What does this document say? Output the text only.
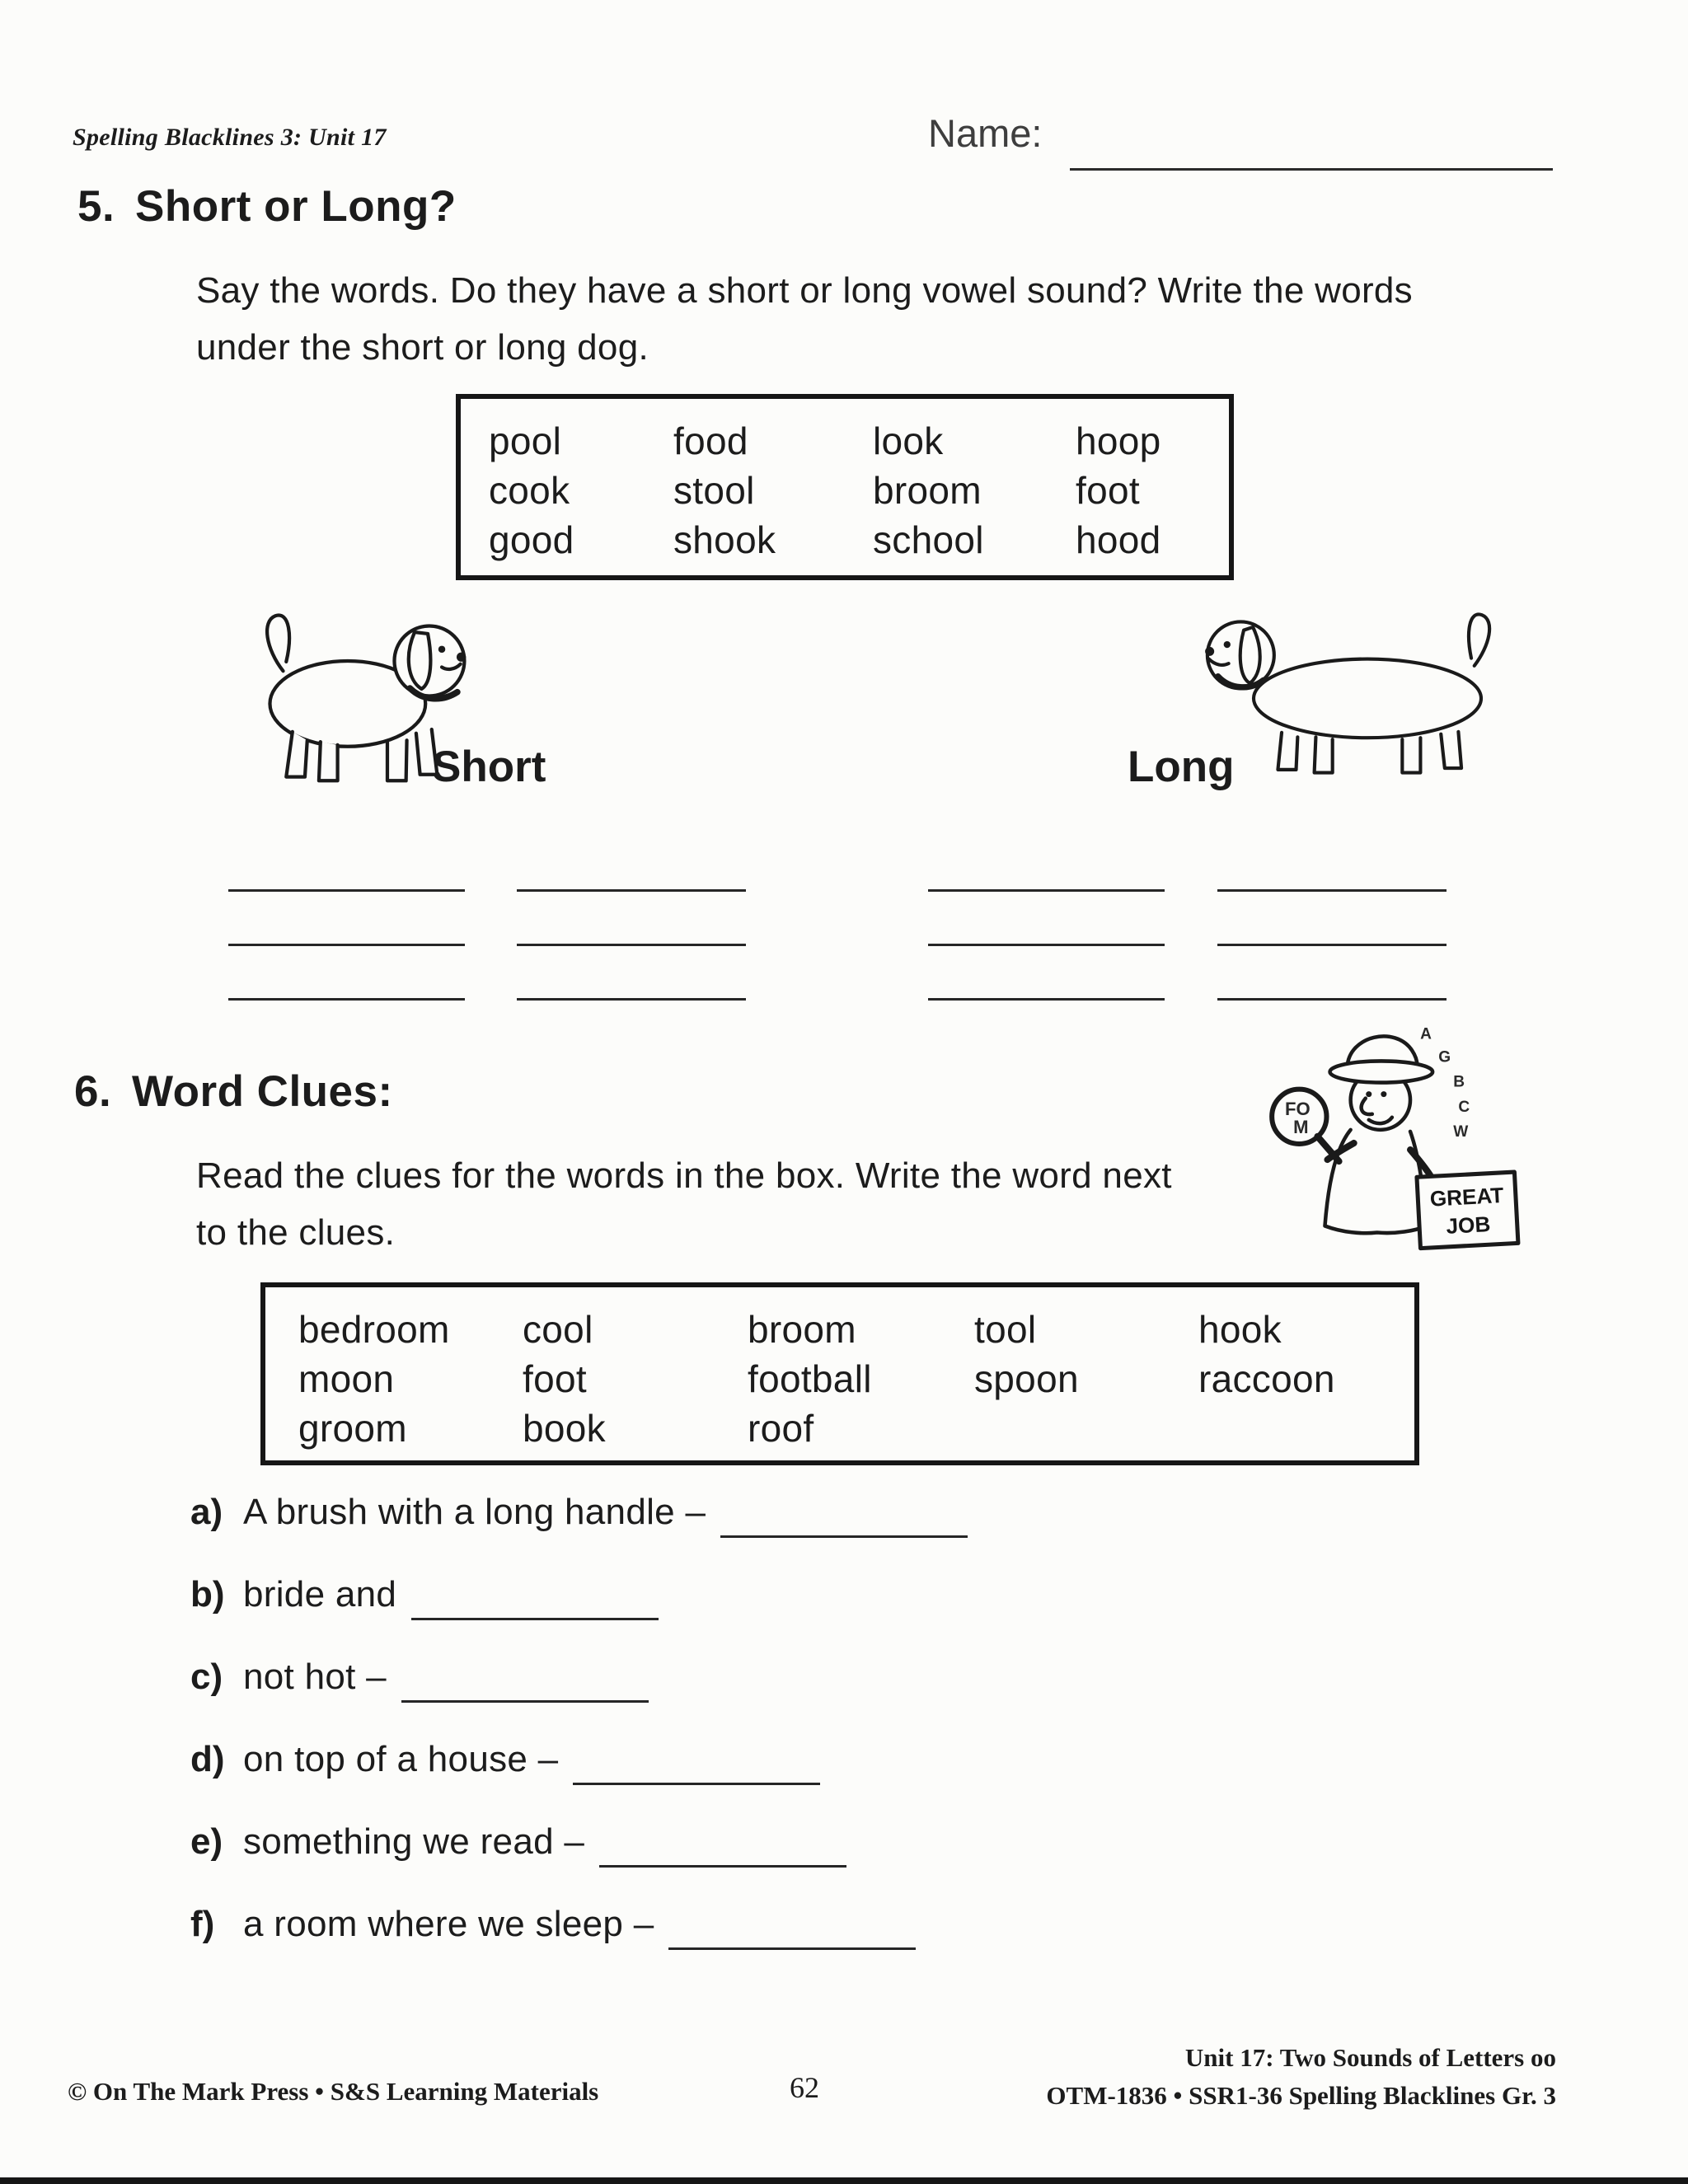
Spelling Blacklines 3: Unit 17	Name:
5. Short or Long?
Say the words. Do they have a short or long vowel sound? Write the words
under the short or long dog.
pool	food	look	hoop
cook	stool	broom	foot
good	shook	school	hood
Short	Long
6. Word Clues:
Read the clues for the words in the box. Write the word next
to the clues.
FO
M
GREAT
JOB
A
G
B
C
W
bedroom	cool	broom	tool	hook
moon	foot	football	spoon	raccoon
groom	book	roof
a) A brush with a long handle –
b) bride and
c) not hot –
d) on top of a house –
e) something we read –
f) a room where we sleep –
© On The Mark Press • S&S Learning Materials	62
Unit 17: Two Sounds of Letters oo
OTM-1836 • SSR1-36 Spelling Blacklines Gr. 3
